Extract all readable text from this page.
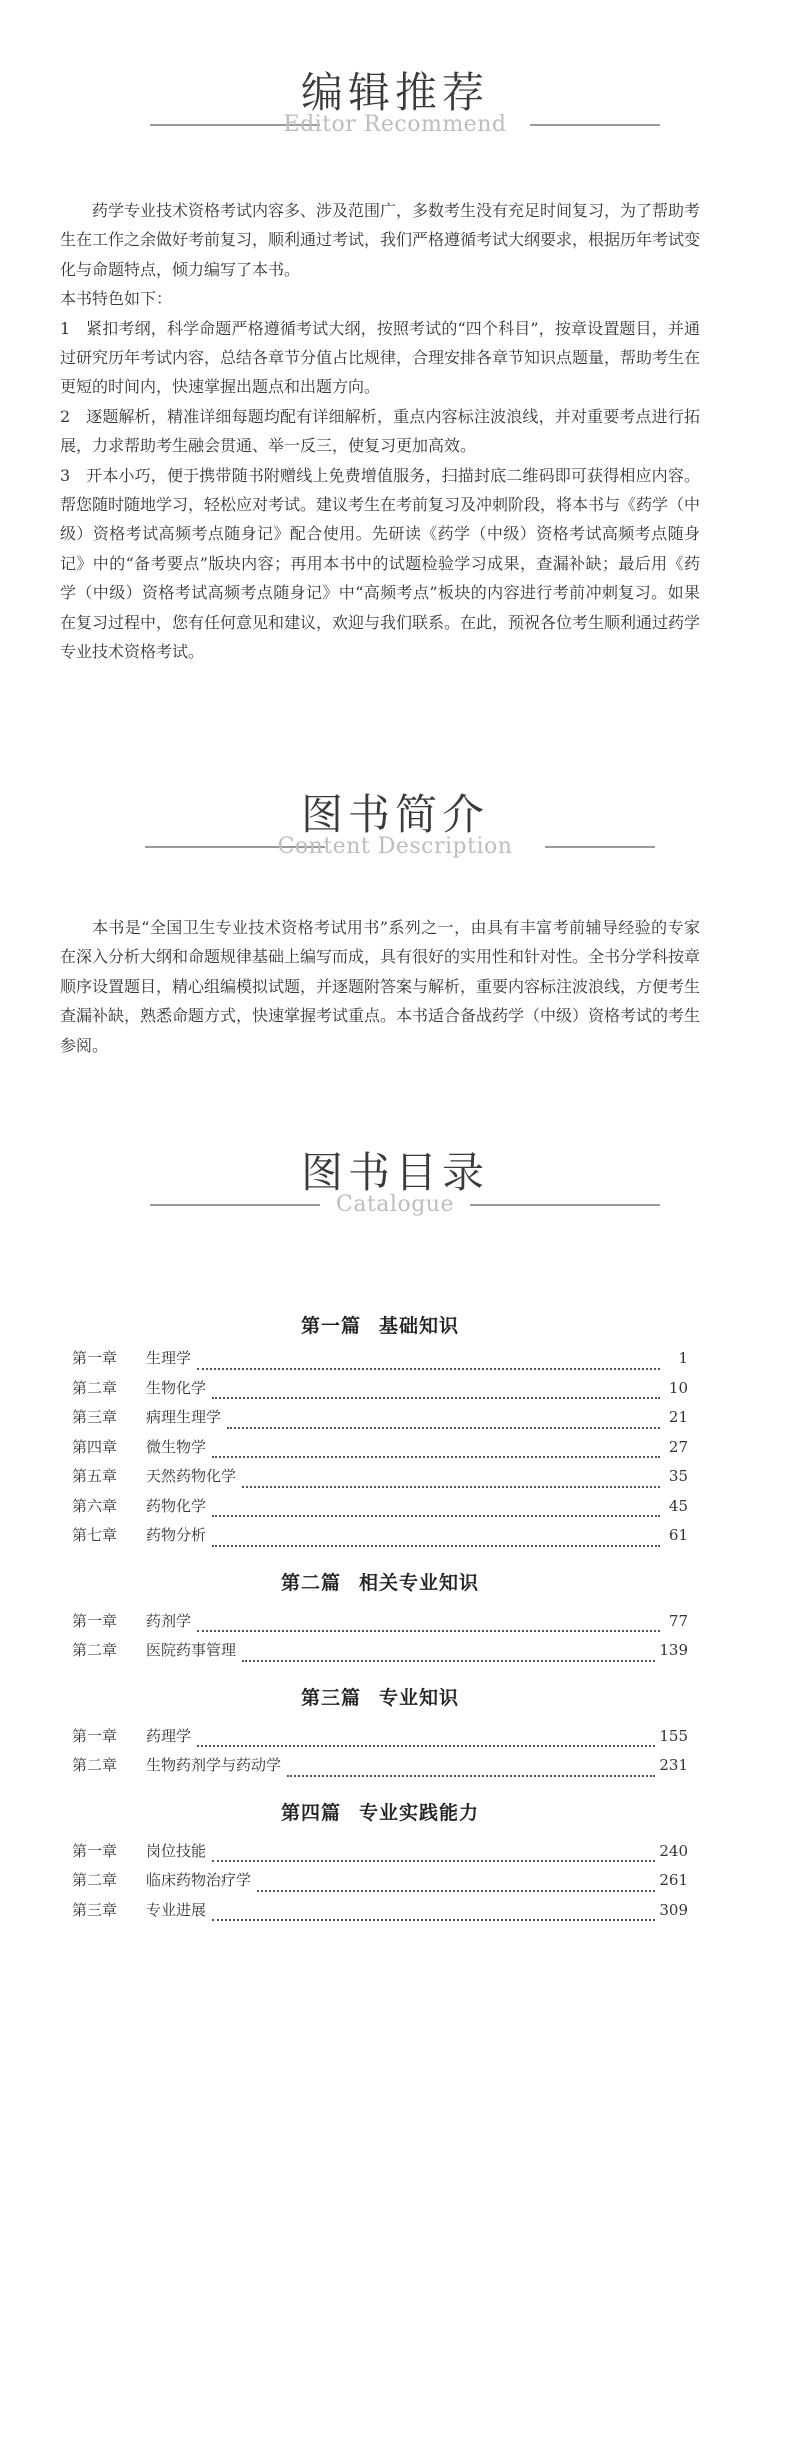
编辑推荐
Editor Recommend

药学专业技术资格考试内容多、涉及范围广，多数考生没有充足时间复习，为了帮助考生在工作之余做好考前复习，顺利通过考试，我们严格遵循考试大纲要求，根据历年考试变化与命题特点，倾力编写了本书。

本书特色如下：

1 紧扣考纲，科学命题严格遵循考试大纲，按照考试的“四个科目”，按章设置题目，并通过研究历年考试内容，总结各章节分值占比规律，合理安排各章节知识点题量，帮助考生在更短的时间内，快速掌握出题点和出题方向。

2 逐题解析，精准详细每题均配有详细解析，重点内容标注波浪线，并对重要考点进行拓展，力求帮助考生融会贯通、举一反三，使复习更加高效。

3 开本小巧，便于携带随书附赠线上免费增值服务，扫描封底二维码即可获得相应内容。帮您随时随地学习，轻松应对考试。建议考生在考前复习及冲刺阶段，将本书与《药学（中级）资格考试高频考点随身记》配合使用。先研读《药学（中级）资格考试高频考点随身记》中的“备考要点”版块内容；再用本书中的试题检验学习成果，查漏补缺；最后用《药学（中级）资格考试高频考点随身记》中“高频考点”板块的内容进行考前冲刺复习。如果在复习过程中，您有任何意见和建议，欢迎与我们联系。在此，预祝各位考生顺利通过药学专业技术资格考试。

图书简介
Content Description

本书是“全国卫生专业技术资格考试用书”系列之一，由具有丰富考前辅导经验的专家在深入分析大纲和命题规律基础上编写而成，具有很好的实用性和针对性。全书分学科按章顺序设置题目，精心组编模拟试题，并逐题附答案与解析，重要内容标注波浪线，方便考生查漏补缺，熟悉命题方式，快速掌握考试重点。本书适合备战药学（中级）资格考试的考生参阅。

图书目录
Catalogue
第一篇 基础知识
第一章	生理学	1
第二章	生物化学	10
第三章	病理生理学	21
第四章	微生物学	27
第五章	天然药物化学	35
第六章	药物化学	45
第七章	药物分析	61
第二篇 相关专业知识
第一章	药剂学	77
第二章	医院药事管理	139
第三篇 专业知识
第一章	药理学	155
第二章	生物药剂学与药动学	231
第四篇 专业实践能力
第一章	岗位技能	240
第二章	临床药物治疗学	261
第三章	专业进展	309
